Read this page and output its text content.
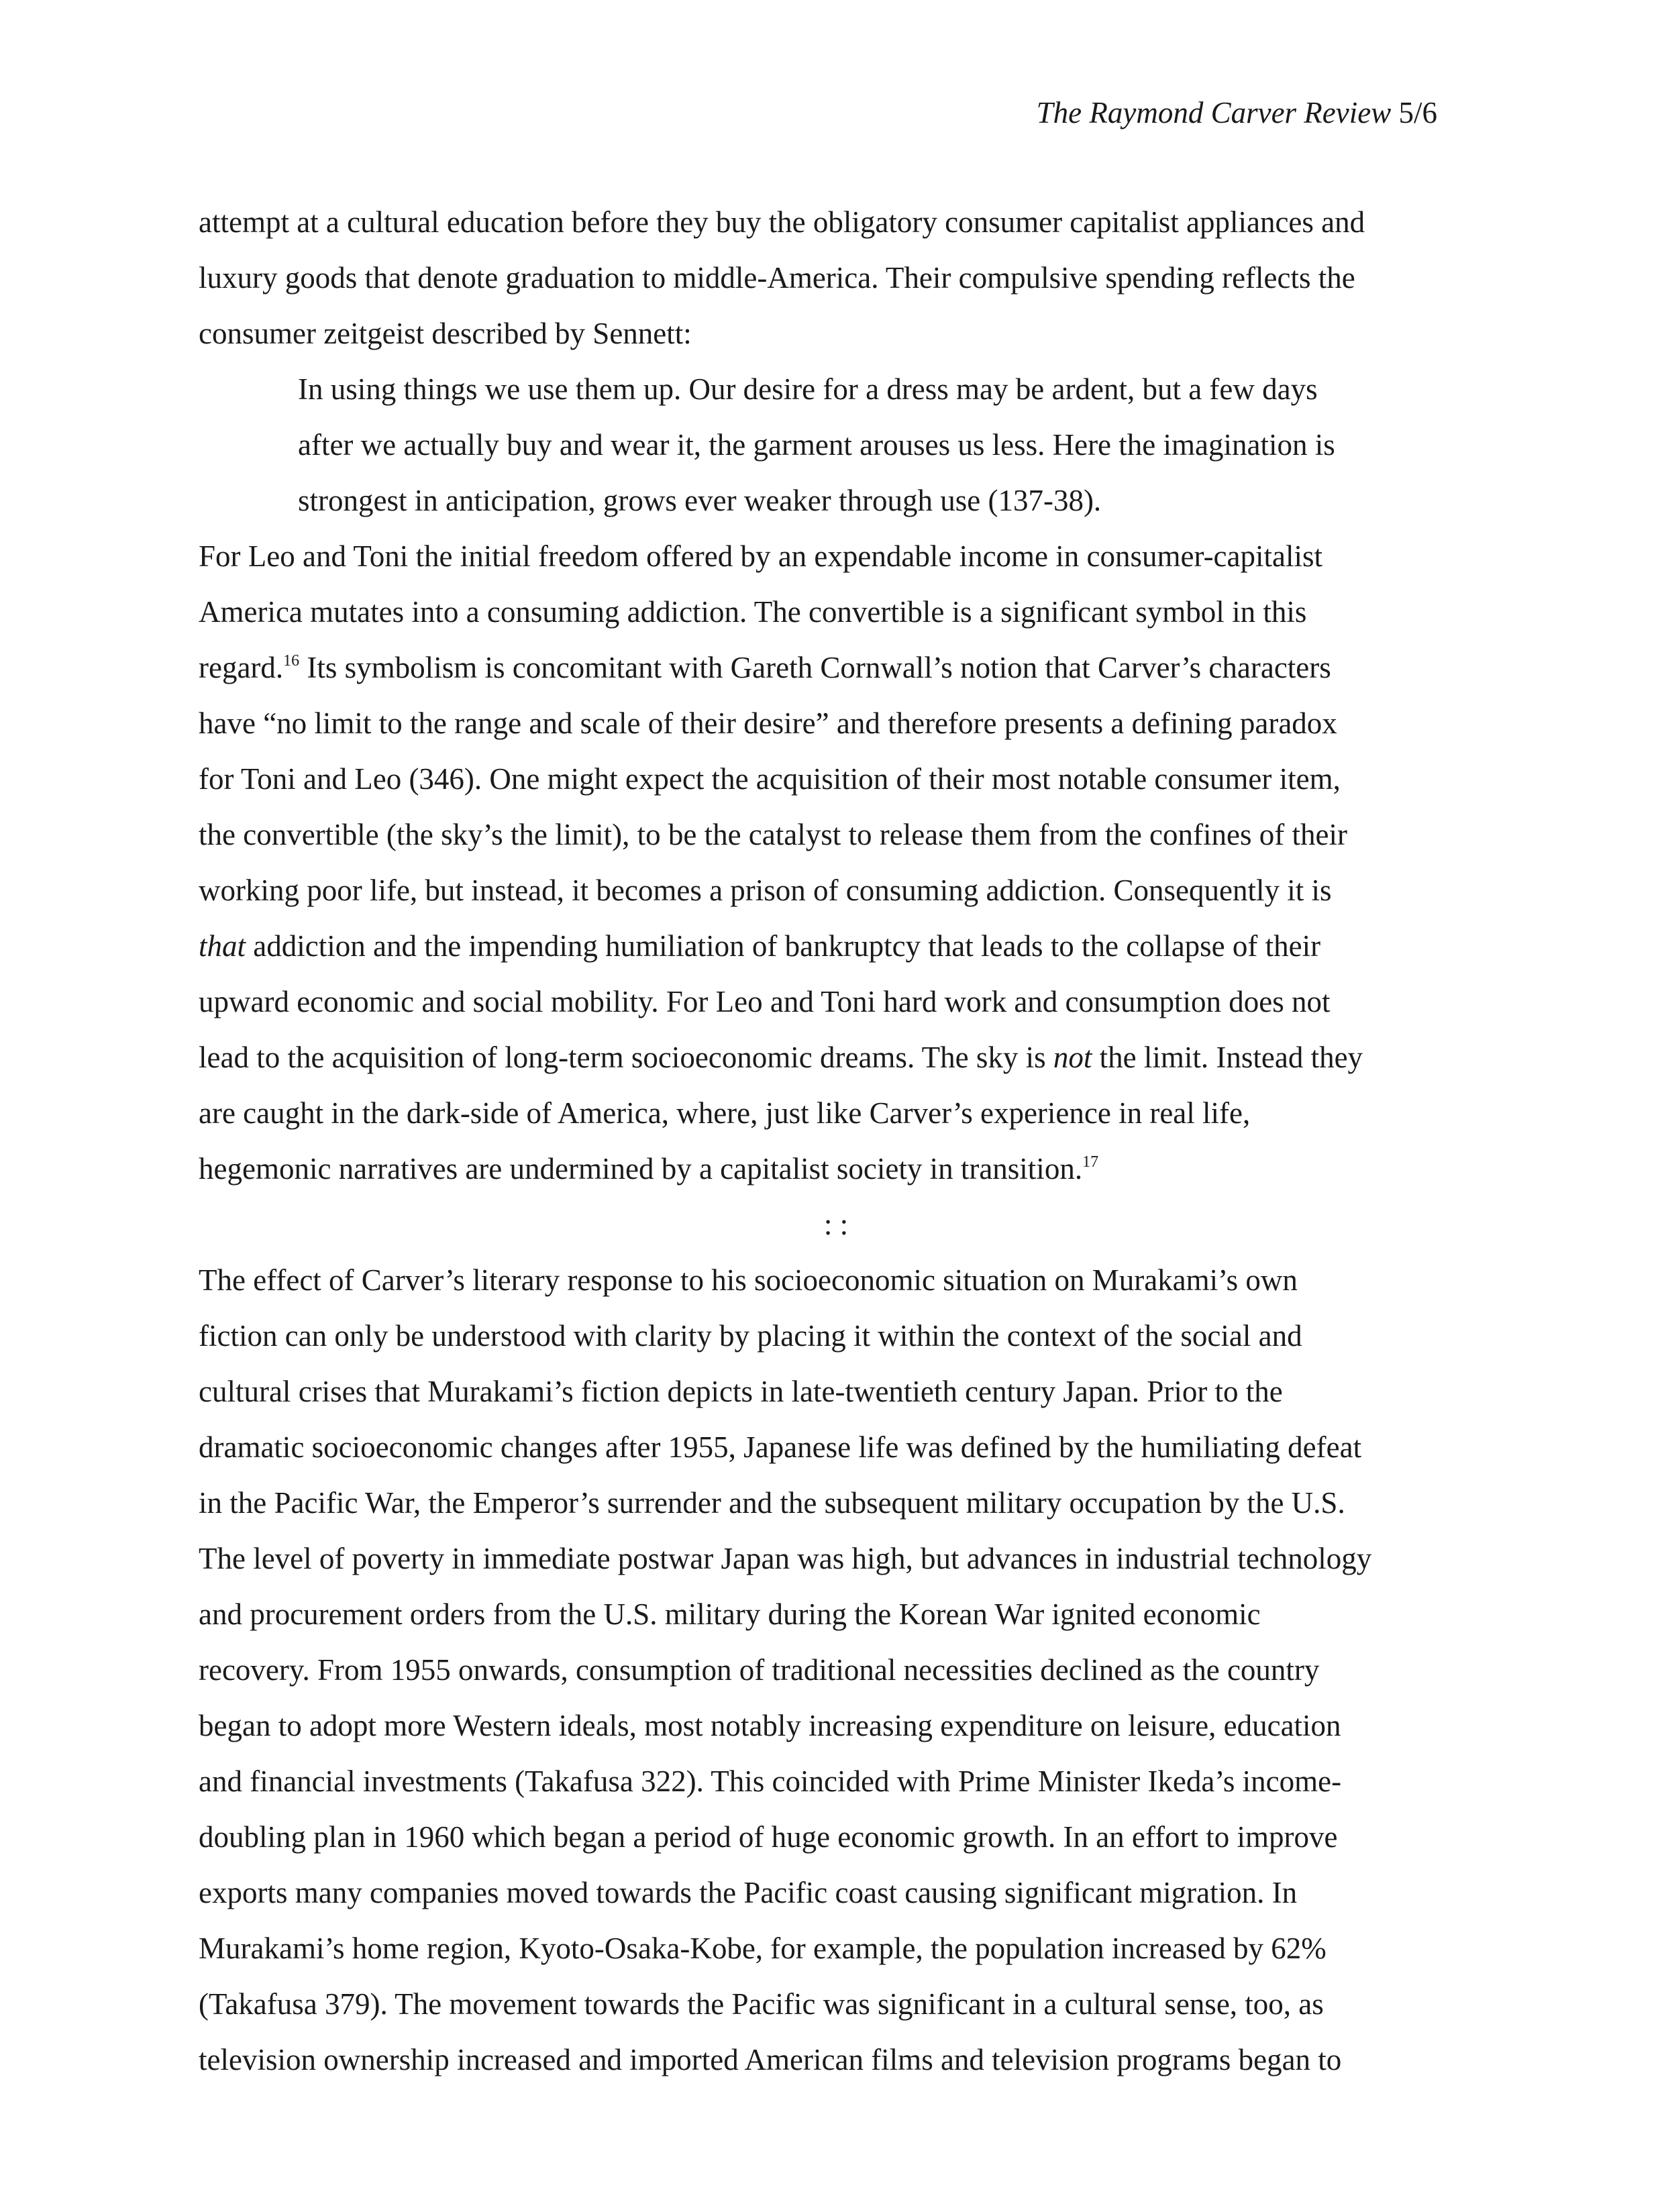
The Raymond Carver Review 5/6
attempt at a cultural education before they buy the obligatory consumer capitalist appliances and
luxury goods that denote graduation to middle-America. Their compulsive spending reflects the
consumer zeitgeist described by Sennett:
In using things we use them up. Our desire for a dress may be ardent, but a few days
after we actually buy and wear it, the garment arouses us less. Here the imagination is
strongest in anticipation, grows ever weaker through use (137-38).
For Leo and Toni the initial freedom offered by an expendable income in consumer-capitalist
America mutates into a consuming addiction. The convertible is a significant symbol in this
regard.$^{16}$ Its symbolism is concomitant with Gareth Cornwall’s notion that Carver’s characters
have “no limit to the range and scale of their desire” and therefore presents a defining paradox
for Toni and Leo (346). One might expect the acquisition of their most notable consumer item,
the convertible (the sky’s the limit), to be the catalyst to release them from the confines of their
working poor life, but instead, it becomes a prison of consuming addiction. Consequently it is
that addiction and the impending humiliation of bankruptcy that leads to the collapse of their
upward economic and social mobility. For Leo and Toni hard work and consumption does not
lead to the acquisition of long-term socioeconomic dreams. The sky is not the limit. Instead they
are caught in the dark-side of America, where, just like Carver’s experience in real life,
hegemonic narratives are undermined by a capitalist society in transition.$^{17}$
: :
The effect of Carver’s literary response to his socioeconomic situation on Murakami’s own
fiction can only be understood with clarity by placing it within the context of the social and
cultural crises that Murakami’s fiction depicts in late-twentieth century Japan. Prior to the
dramatic socioeconomic changes after 1955, Japanese life was defined by the humiliating defeat
in the Pacific War, the Emperor’s surrender and the subsequent military occupation by the U.S.
The level of poverty in immediate postwar Japan was high, but advances in industrial technology
and procurement orders from the U.S. military during the Korean War ignited economic
recovery. From 1955 onwards, consumption of traditional necessities declined as the country
began to adopt more Western ideals, most notably increasing expenditure on leisure, education
and financial investments (Takafusa 322). This coincided with Prime Minister Ikeda’s income-
doubling plan in 1960 which began a period of huge economic growth. In an effort to improve
exports many companies moved towards the Pacific coast causing significant migration. In
Murakami’s home region, Kyoto-Osaka-Kobe, for example, the population increased by 62%
(Takafusa 379). The movement towards the Pacific was significant in a cultural sense, too, as
television ownership increased and imported American films and television programs began to
